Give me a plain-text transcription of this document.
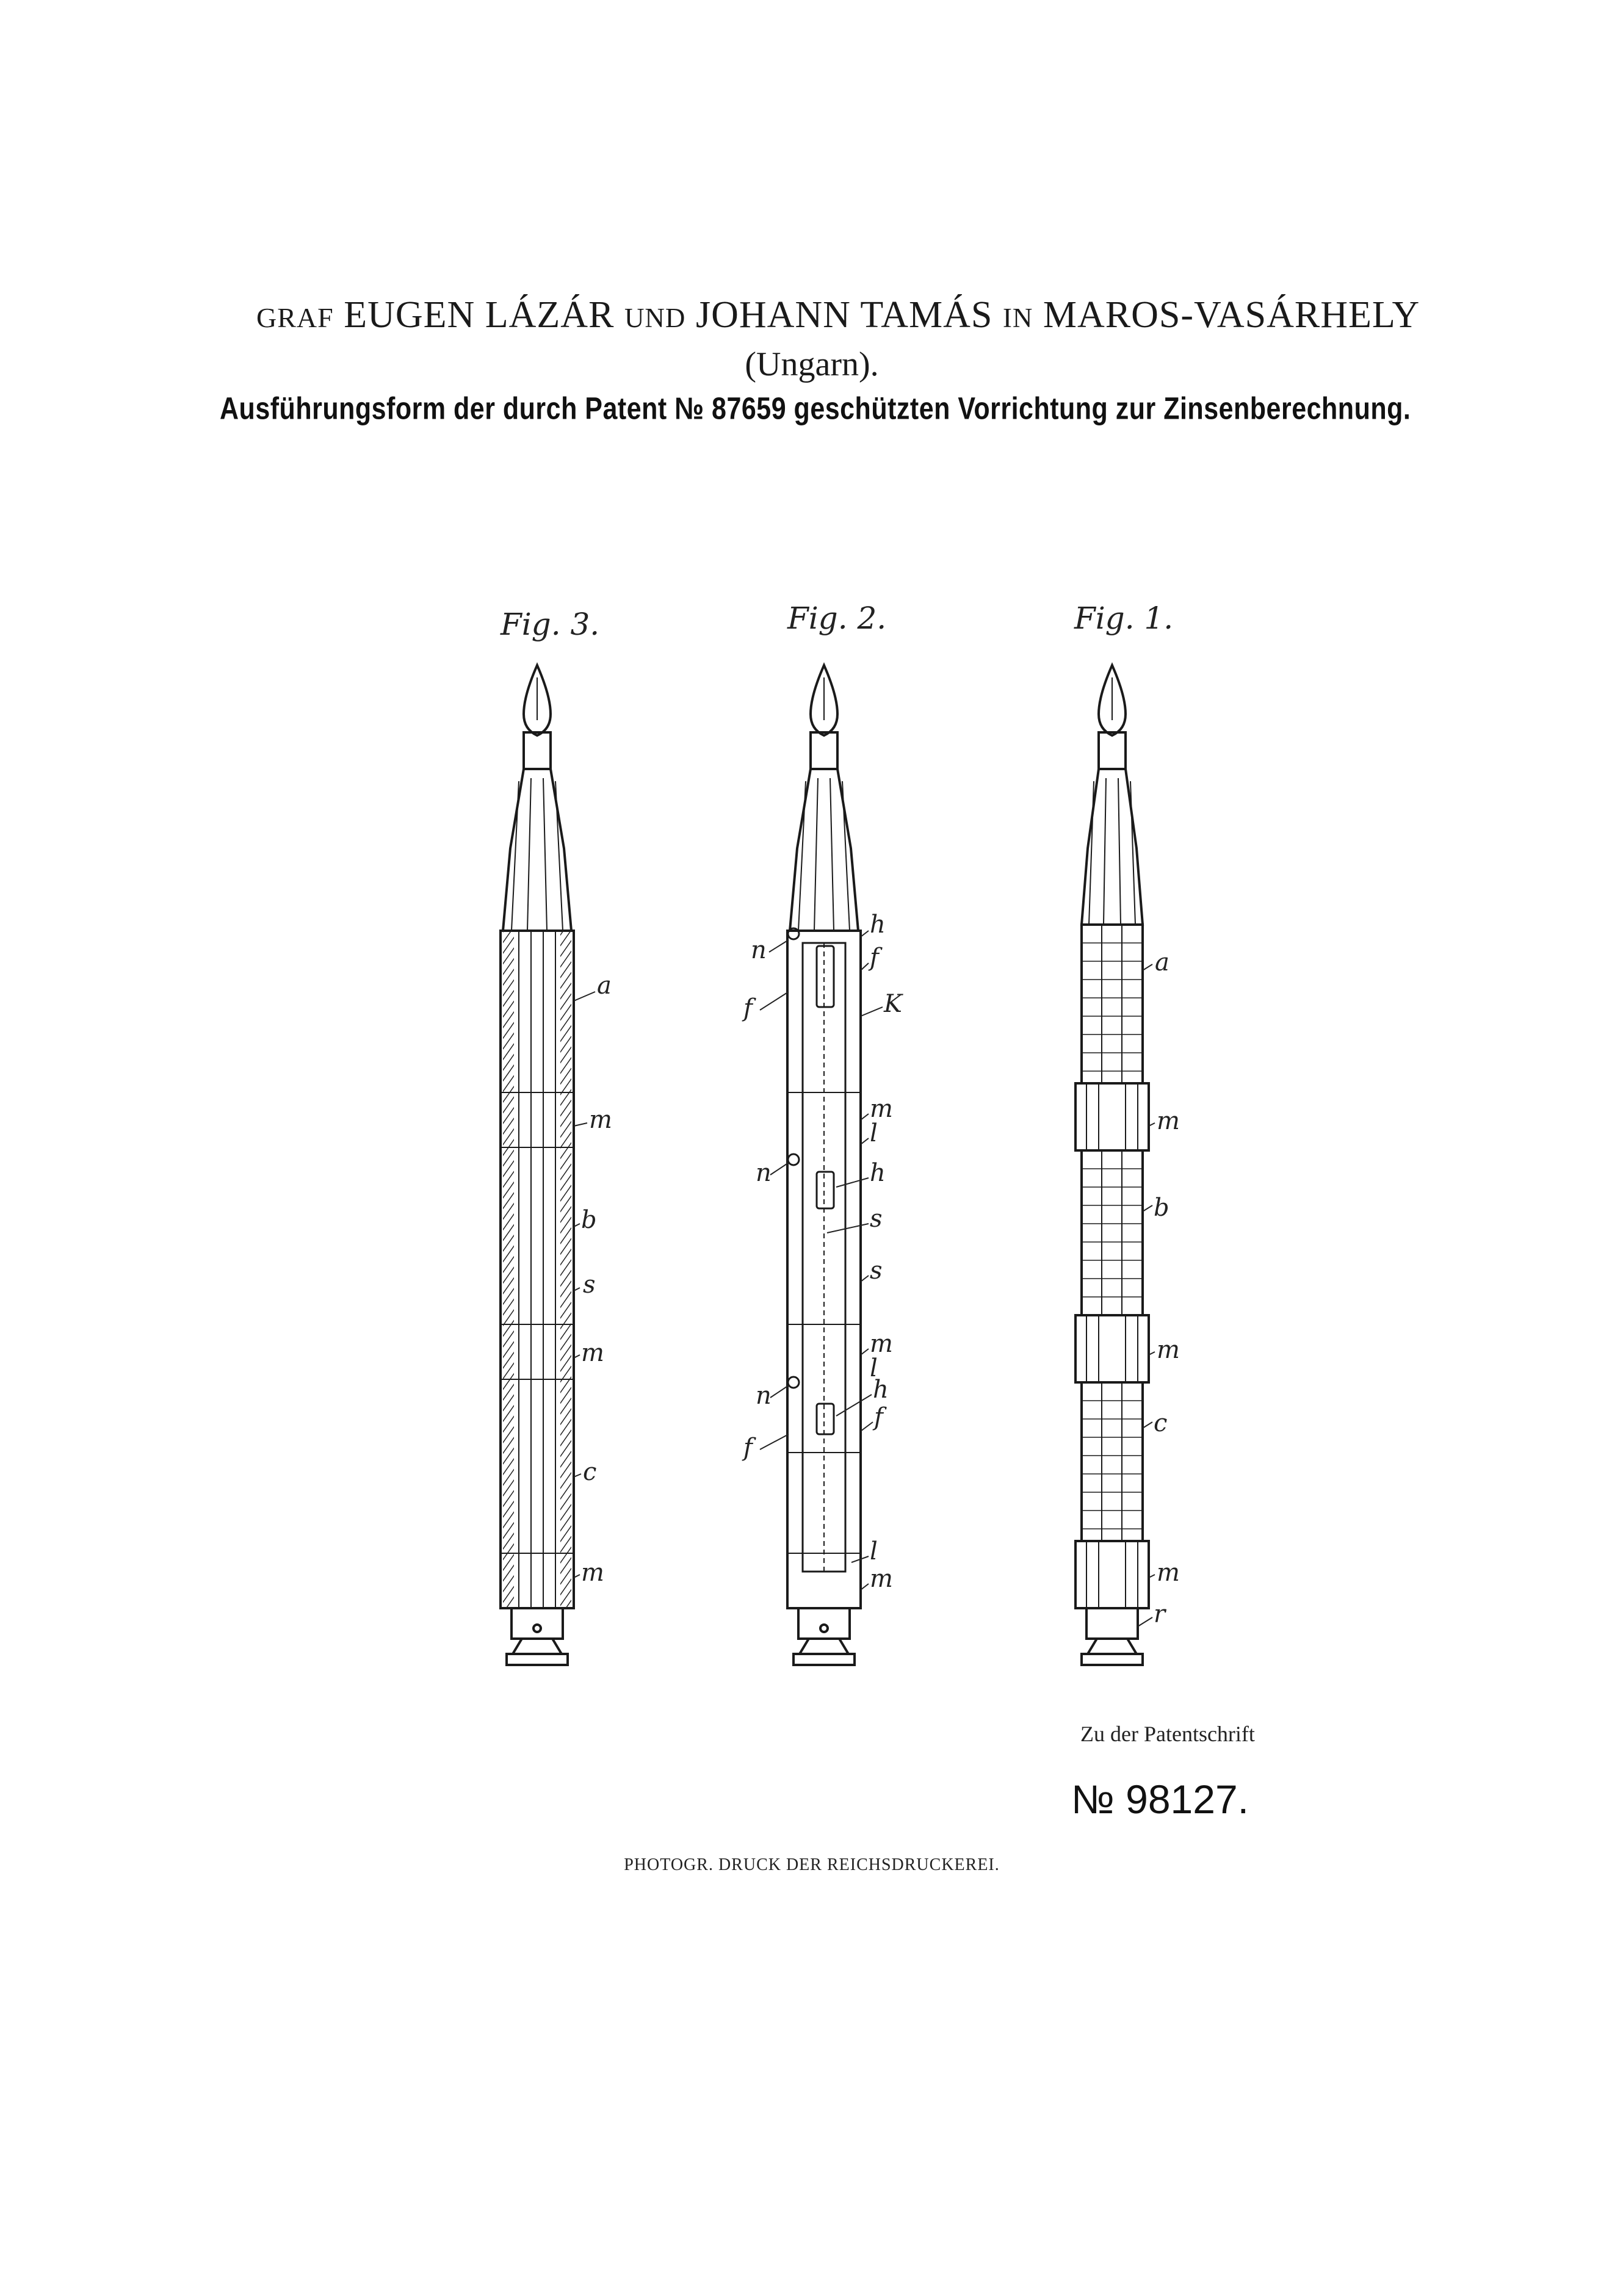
GRAF EUGEN LÁZÁR UND JOHANN TAMÁS IN MAROS-VASÁRHELY
(Ungarn).
Ausführungsform der durch Patent № 87659 geschützten Vorrichtung zur Zinsenberechnung.
Fig. 3.	Fig. 2.	Fig. 1.
a
m
b
s
m
c
m
n
h
f
f	K
m
l
n	h
s
s
m
l
n	h
f
f
l
m
a
m
b
m
c
m
r
Zu der Patentschrift
№ 98127.
PHOTOGR. DRUCK DER REICHSDRUCKEREI.
